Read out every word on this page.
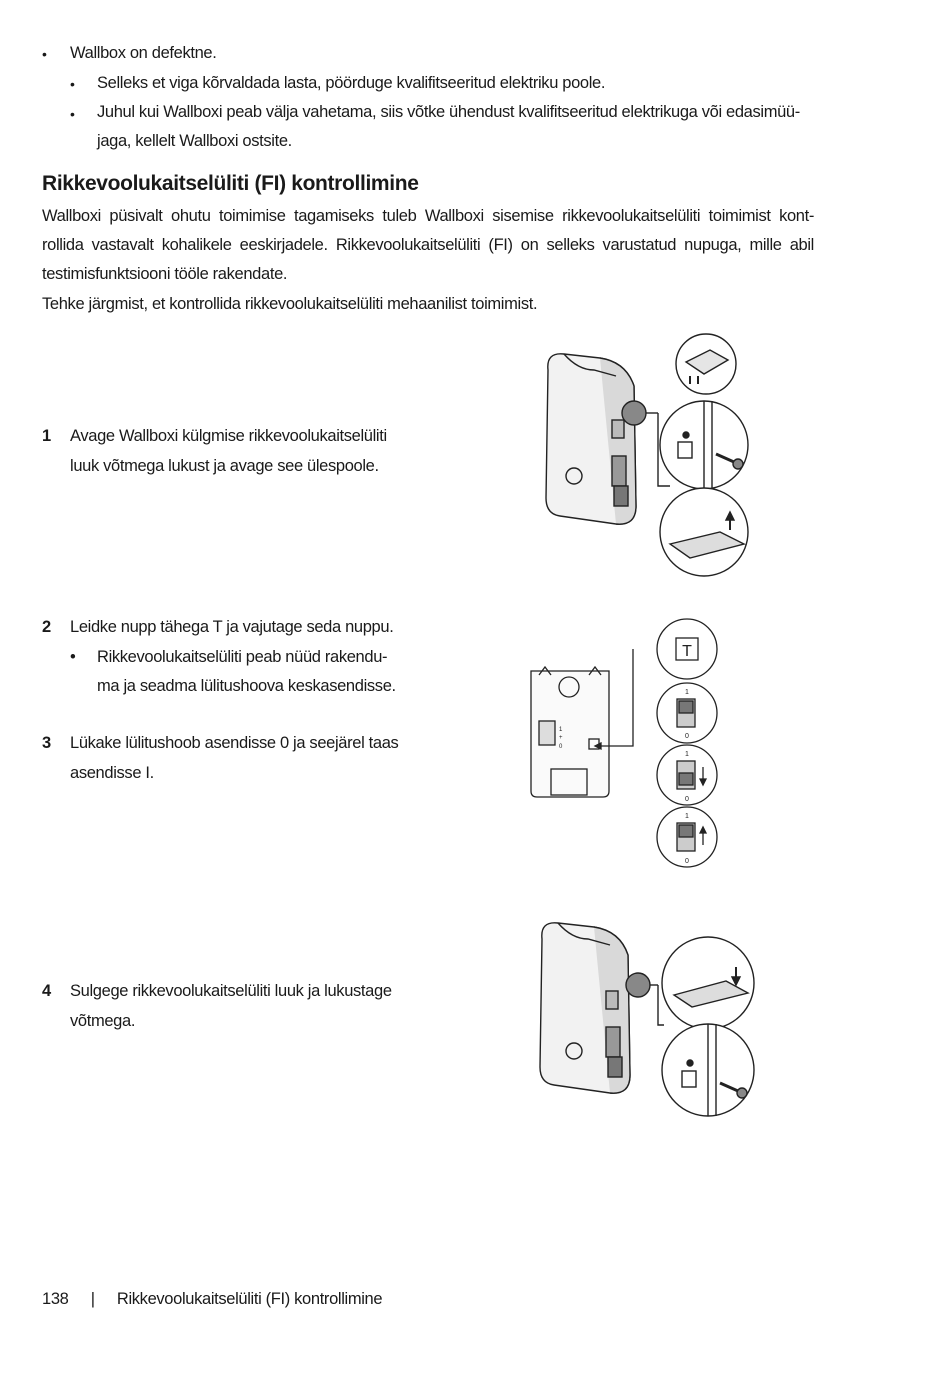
• Wallbox on defektne.
• Selleks et viga kõrvaldada lasta, pöörduge kvalifitseeritud elektriku poole.
• Juhul kui Wallboxi peab välja vahetama, siis võtke ühendust kvalifitseeritud elektrikuga või edasimüü-
jaga, kellelt Wallboxi ostsite.
Rikkevoolukaitselüliti (FI) kontrollimine
Wallboxi püsivalt ohutu toimimise tagamiseks tuleb Wallboxi sisemise rikkevoolukaitselüliti toimimist kont-
rollida vastavalt kohalikele eeskirjadele. Rikkevoolukaitselüliti (FI) on selleks varustatud nupuga, mille abil
testimisfunktsiooni tööle rakendate.
Tehke järgmist, et kontrollida rikkevoolukaitselüliti mehaanilist toimimist.
1 Avage Wallboxi külgmise rikkevoolukaitselüliti
luuk võtmega lukust ja avage see ülespoole.
2 Leidke nupp tähega T ja vajutage seda nuppu.
• Rikkevoolukaitselüliti peab nüüd rakendu-
ma ja seadma lülitushoova keskasendisse.
3 Lükake lülitushoob asendisse 0 ja seejärel taas
asendisse I.
4 Sulgege rikkevoolukaitselüliti luuk ja lukustage
võtmega.
1
+
0
T
1
0
1
0
1
0
138 | Rikkevoolukaitselüliti (FI) kontrollimine
